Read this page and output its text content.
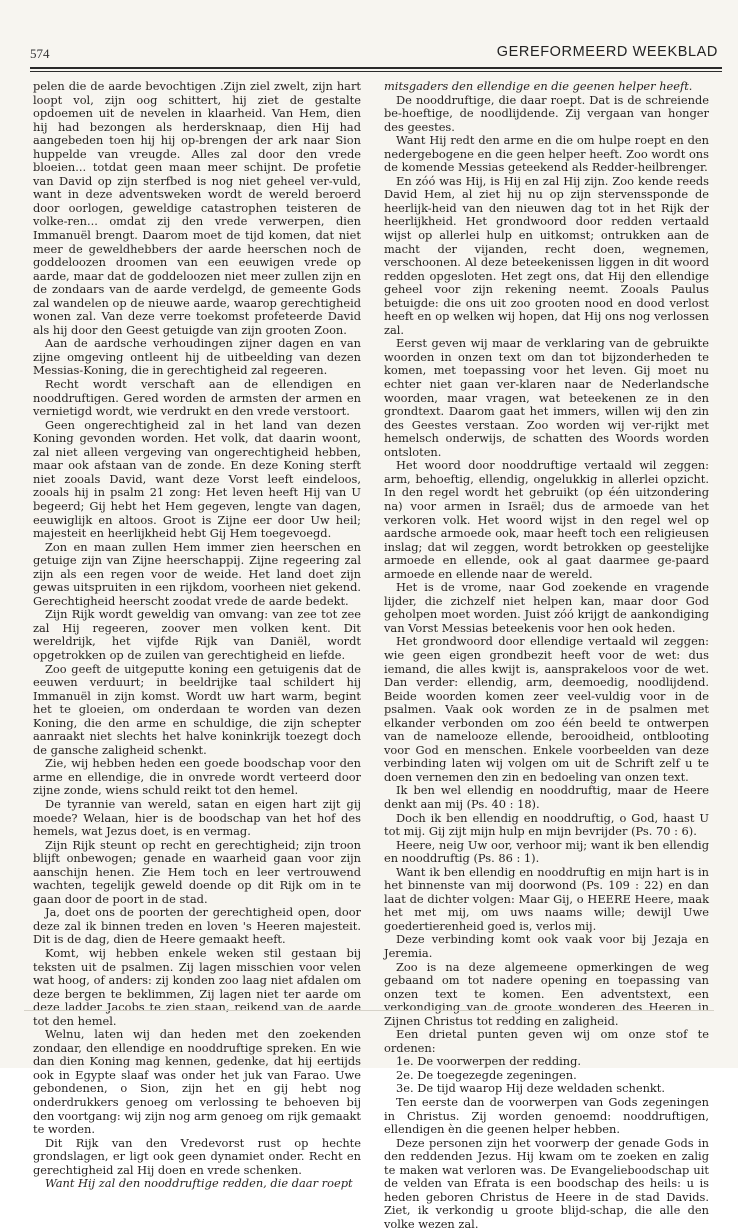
574	GEREFORMEERD WEEKBLAD

pelen die de aarde bevochtigen .Zijn ziel zwelt, zijn hart loopt vol, zijn oog schittert, hij ziet de gestalte opdoemen uit de nevelen in klaarheid. Van Hem, dien hij had bezongen als herdersknaap, dien Hij had aangebeden toen hij hij op-brengen der ark naar Sion huppelde van vreugde. Alles zal door den vrede bloeien... totdat geen maan meer schijnt. De profetie van David op zijn sterfbed is nog niet geheel ver-vuld, want in deze adventsweken wordt de wereld beroerd door oorlogen, geweldige catastrophen teisteren de volke-ren... omdat zij den vrede verwerpen, dien Immanuël brengt. Daarom moet de tijd komen, dat niet meer de geweldhebbers der aarde heerschen noch de goddeloozen droomen van een eeuwigen vrede op aarde, maar dat de goddeloozen niet meer zullen zijn en de zondaars van de aarde verdelgd, de gemeente Gods zal wandelen op de nieuwe aarde, waarop gerechtigheid wonen zal. Van deze verre toekomst profeteerde David als hij door den Geest getuigde van zijn grooten Zoon.

Aan de aardsche verhoudingen zijner dagen en van zijne omgeving ontleent hij de uitbeelding van dezen Messias-Koning, die in gerechtigheid zal regeeren.

Recht wordt verschaft aan de ellendigen en nooddruftigen. Gered worden de armsten der armen en vernietigd wordt, wie verdrukt en den vrede verstoort.

Geen ongerechtigheid zal in het land van dezen Koning gevonden worden. Het volk, dat daarin woont, zal niet alleen vergeving van ongerechtigheid hebben, maar ook afstaan van de zonde. En deze Koning sterft niet zooals David, want deze Vorst leeft eindeloos, zooals hij in psalm 21 zong: Het leven heeft Hij van U begeerd; Gij hebt het Hem gegeven, lengte van dagen, eeuwiglijk en altoos. Groot is Zijne eer door Uw heil; majesteit en heerlijkheid hebt Gij Hem toegevoegd.

Zon en maan zullen Hem immer zien heerschen en getuige zijn van Zijne heerschappij. Zijne regeering zal zijn als een regen voor de weide. Het land doet zijn gewas uitspruiten in een rijkdom, voorheen niet gekend. Gerechtigheid heerscht zoodat vrede de aarde bedekt.

Zijn Rijk wordt geweldig van omvang: van zee tot zee zal Hij regeeren, zoover men volken kent. Dit wereldrijk, het vijfde Rijk van Daniël, wordt opgetrokken op de zuilen van gerechtigheid en liefde.

Zoo geeft de uitgeputte koning een getuigenis dat de eeuwen verduurt; in beeldrijke taal schildert hij Immanuël in zijn komst. Wordt uw hart warm, begint het te gloeien, om onderdaan te worden van dezen Koning, die den arme en schuldige, die zijn schepter aanraakt niet slechts het halve koninkrijk toezegt doch de gansche zaligheid schenkt.

Zie, wij hebben heden een goede boodschap voor den arme en ellendige, die in onvrede wordt verteerd door zijne zonde, wiens schuld reikt tot den hemel.

De tyrannie van wereld, satan en eigen hart zijt gij moede? Welaan, hier is de boodschap van het hof des hemels, wat Jezus doet, is en vermag.

Zijn Rijk steunt op recht en gerechtigheid; zijn troon blijft onbewogen; genade en waarheid gaan voor zijn aanschijn henen. Zie Hem toch en leer vertrouwend wachten, tegelijk geweld doende op dit Rijk om in te gaan door de poort in de stad.

Ja, doet ons de poorten der gerechtigheid open, door deze zal ik binnen treden en loven 's Heeren majesteit. Dit is de dag, dien de Heere gemaakt heeft.

Komt, wij hebben enkele weken stil gestaan bij teksten uit de psalmen. Zij lagen misschien voor velen wat hoog, of anders: zij konden zoo laag niet afdalen om deze bergen te beklimmen, Zij lagen niet ter aarde om deze ladder Jacobs te zien staan, reikend van de aarde tot den hemel.

Welnu, laten wij dan heden met den zoekenden zondaar, den ellendige en nooddruftige spreken. En wie dan dien Koning mag kennen, gedenke, dat hij eertijds ook in Egypte slaaf was onder het juk van Farao. Uwe gebondenen, o Sion, zijn het en gij hebt nog onderdrukkers genoeg om verlossing te behoeven bij den voortgang: wij zijn nog arm genoeg om rijk gemaakt te worden.

Dit Rijk van den Vredevorst rust op hechte grondslagen, er ligt ook geen dynamiet onder. Recht en gerechtigheid zal Hij doen en vrede schenken.

Want Hij zal den nooddruftige redden, die daar roept

mitsgaders den ellendige en die geenen helper heeft.

De nooddruftige, die daar roept. Dat is de schreiende be-hoeftige, de noodlijdende. Zij vergaan van honger des geestes.

Want Hij redt den arme en die om hulpe roept en den nedergebogene en die geen helper heeft. Zoo wordt ons de komende Messias geteekend als Redder-heilbrenger.

En zóó was Hij, is Hij en zal Hij zijn. Zoo kende reeds David Hem, al ziet hij nu op zijn stervenssponde de heerlijk-heid van den nieuwen dag tot in het Rijk der heerlijkheid. Het grondwoord door redden vertaald wijst op allerlei hulp en uitkomst; ontrukken aan de macht der vijanden, recht doen, wegnemen, verschoonen. Al deze beteekenissen liggen in dit woord redden opgesloten. Het zegt ons, dat Hij den ellendige geheel voor zijn rekening neemt. Zooals Paulus betuigde: die ons uit zoo grooten nood en dood verlost heeft en op welken wij hopen, dat Hij ons nog verlossen zal.

Eerst geven wij maar de verklaring van de gebruikte woorden in onzen text om dan tot bijzonderheden te komen, met toepassing voor het leven. Gij moet nu echter niet gaan ver-klaren naar de Nederlandsche woorden, maar vragen, wat beteekenen ze in den grondtext. Daarom gaat het immers, willen wij den zin des Geestes verstaan. Zoo worden wij ver-rijkt met hemelsch onderwijs, de schatten des Woords worden ontsloten.

Het woord door nooddruftige vertaald wil zeggen: arm, behoeftig, ellendig, ongelukkig in allerlei opzicht. In den regel wordt het gebruikt (op één uitzondering na) voor armen in Israël; dus de armoede van het verkoren volk. Het woord wijst in den regel wel op aardsche armoede ook, maar heeft toch een religieusen inslag; dat wil zeggen, wordt betrokken op geestelijke armoede en ellende, ook al gaat daarmee ge-paard armoede en ellende naar de wereld.

Het is de vrome, naar God zoekende en vragende lijder, die zichzelf niet helpen kan, maar door God geholpen moet worden. Juist zóó krijgt de aankondiging van Vorst Messias beteekenis voor hen ook heden.

Het grondwoord door ellendige vertaald wil zeggen: wie geen eigen grondbezit heeft voor de wet: dus iemand, die alles kwijt is, aansprakeloos voor de wet. Dan verder: ellendig, arm, deemoedig, noodlijdend. Beide woorden komen zeer veel-vuldig voor in de psalmen. Vaak ook worden ze in de psalmen met elkander verbonden om zoo één beeld te ontwerpen van de namelooze ellende, berooidheid, ontblooting voor God en menschen. Enkele voorbeelden van deze verbinding laten wij volgen om uit de Schrift zelf u te doen vernemen den zin en bedoeling van onzen text.

Ik ben wel ellendig en nooddruftig, maar de Heere denkt aan mij (Ps. 40 : 18).

Doch ik ben ellendig en nooddruftig, o God, haast U tot mij. Gij zijt mijn hulp en mijn bevrijder (Ps. 70 : 6).

Heere, neig Uw oor, verhoor mij; want ik ben ellendig en nooddruftig (Ps. 86 : 1).

Want ik ben ellendig en nooddruftig en mijn hart is in het binnenste van mij doorwond (Ps. 109 : 22) en dan laat de dichter volgen: Maar Gij, o HEERE Heere, maak het met mij, om uws naams wille; dewijl Uwe goedertierenheid goed is, verlos mij.

Deze verbinding komt ook vaak voor bij Jezaja en Jeremia.

Zoo is na deze algemeene opmerkingen de weg gebaand om tot nadere opening en toepassing van onzen text te komen. Een adventstext, een verkondiging van de groote wonderen des Heeren in Zijnen Christus tot redding en zaligheid.

Een drietal punten geven wij om onze stof te ordenen:

1e. De voorwerpen der redding.

2e. De toegezegde zegeningen.

3e. De tijd waarop Hij deze weldaden schenkt.

Ten eerste dan de voorwerpen van Gods zegeningen in Christus. Zij worden genoemd: nooddruftigen, ellendigen èn die geenen helper hebben.

Deze personen zijn het voorwerp der genade Gods in den reddenden Jezus. Hij kwam om te zoeken en zalig te maken wat verloren was. De Evangelieboodschap uit de velden van Efrata is een boodschap des heils: u is heden geboren Christus de Heere in de stad Davids. Ziet, ik verkondig u groote blijd-schap, die alle den volke wezen zal.
